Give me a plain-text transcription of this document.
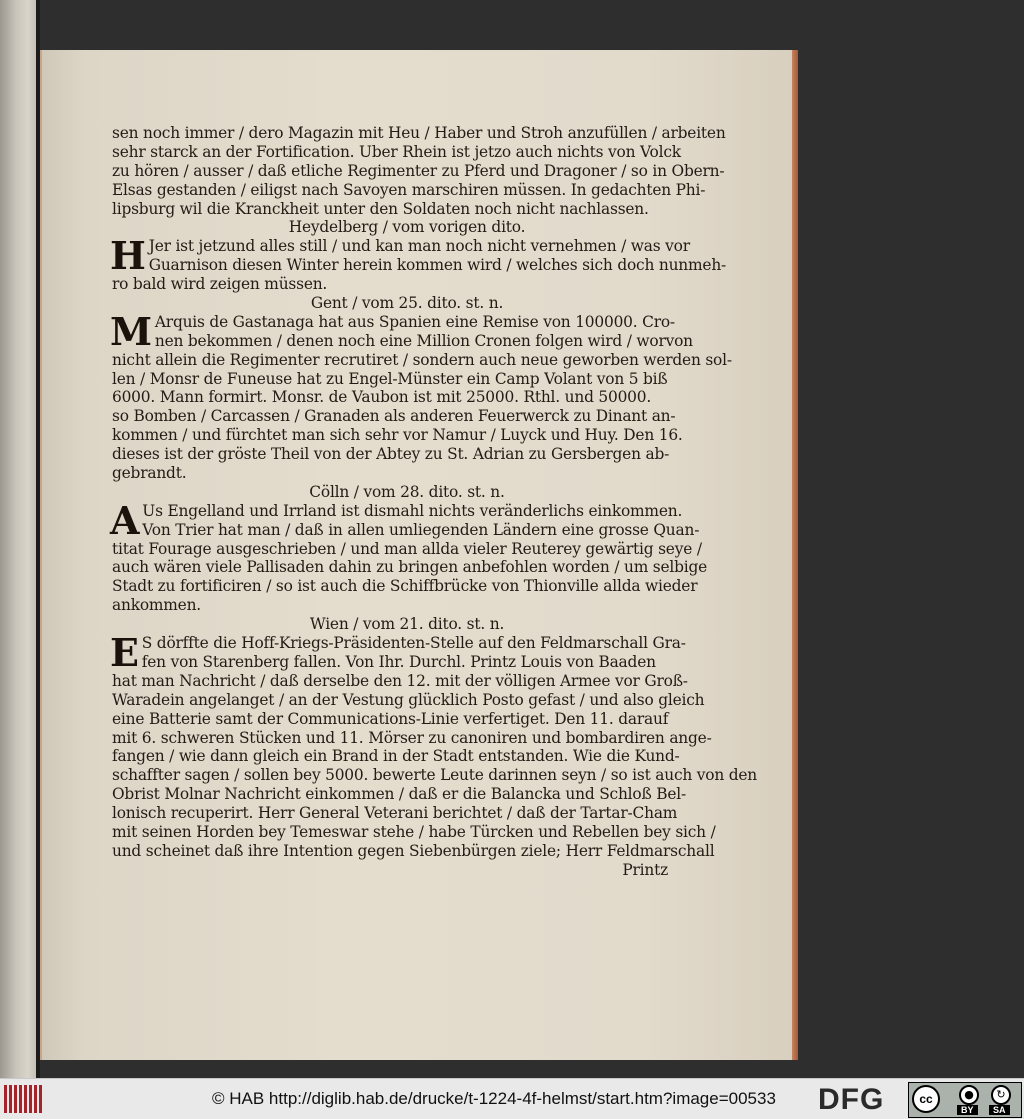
sen noch immer / dero Magazin mit Heu / Haber und Stroh anzufüllen / arbeiten
sehr starck an der Fortification. Uber Rhein ist jetzo auch nichts von Volck
zu hören / ausser / daß etliche Regimenter zu Pferd und Dragoner / so in Obern-
Elsas gestanden / eiligst nach Savoyen marschiren müssen. In gedachten Phi-
lipsburg wil die Kranckheit unter den Soldaten noch nicht nachlassen.
Heydelberg / vom vorigen dito.
H Jer ist jetzund alles still / und kan man noch nicht vernehmen / was vor
Guarnison diesen Winter herein kommen wird / welches sich doch nunmeh-
ro bald wird zeigen müssen.
Gent / vom 25. dito. st. n.
M Arquis de Gastanaga hat aus Spanien eine Remise von 100000. Cro-
nen bekommen / denen noch eine Million Cronen folgen wird / worvon
nicht allein die Regimenter recrutiret / sondern auch neue geworben werden sol-
len / Monsr de Funeuse hat zu Engel-Münster ein Camp Volant von 5 biß
6000. Mann formirt. Monsr. de Vaubon ist mit 25000. Rthl. und 50000.
so Bomben / Carcassen / Granaden als anderen Feuerwerck zu Dinant an-
kommen / und fürchtet man sich sehr vor Namur / Luyck und Huy. Den 16.
dieses ist der gröste Theil von der Abtey zu St. Adrian zu Gersbergen ab-
gebrandt.
Cölln / vom 28. dito. st. n.
A Us Engelland und Irrland ist dismahl nichts veränderlichs einkommen.
Von Trier hat man / daß in allen umliegenden Ländern eine grosse Quan-
titat Fourage ausgeschrieben / und man allda vieler Reuterey gewärtig seye /
auch wären viele Pallisaden dahin zu bringen anbefohlen worden / um selbige
Stadt zu fortificiren / so ist auch die Schiffbrücke von Thionville allda wieder
ankommen.
Wien / vom 21. dito. st. n.
E S dörffte die Hoff-Kriegs-Präsidenten-Stelle auf den Feldmarschall Gra-
fen von Starenberg fallen. Von Ihr. Durchl. Printz Louis von Baaden
hat man Nachricht / daß derselbe den 12. mit der völligen Armee vor Groß-
Waradein angelanget / an der Vestung glücklich Posto gefast / und also gleich
eine Batterie samt der Communications-Linie verfertiget. Den 11. darauf
mit 6. schweren Stücken und 11. Mörser zu canoniren und bombardiren ange-
fangen / wie dann gleich ein Brand in der Stadt entstanden. Wie die Kund-
schaffter sagen / sollen bey 5000. bewerte Leute darinnen seyn / so ist auch von den
Obrist Molnar Nachricht einkommen / daß er die Balancka und Schloß Bel-
lonisch recuperirt. Herr General Veterani berichtet / daß der Tartar-Cham
mit seinen Horden bey Temeswar stehe / habe Türcken und Rebellen bey sich /
und scheinet daß ihre Intention gegen Siebenbürgen ziele; Herr Feldmarschall
Printz
© HAB http://diglib.hab.de/drucke/t-1224-4f-helmst/start.htm?image=00533 DFG	cc	●
BY
↻
SA
